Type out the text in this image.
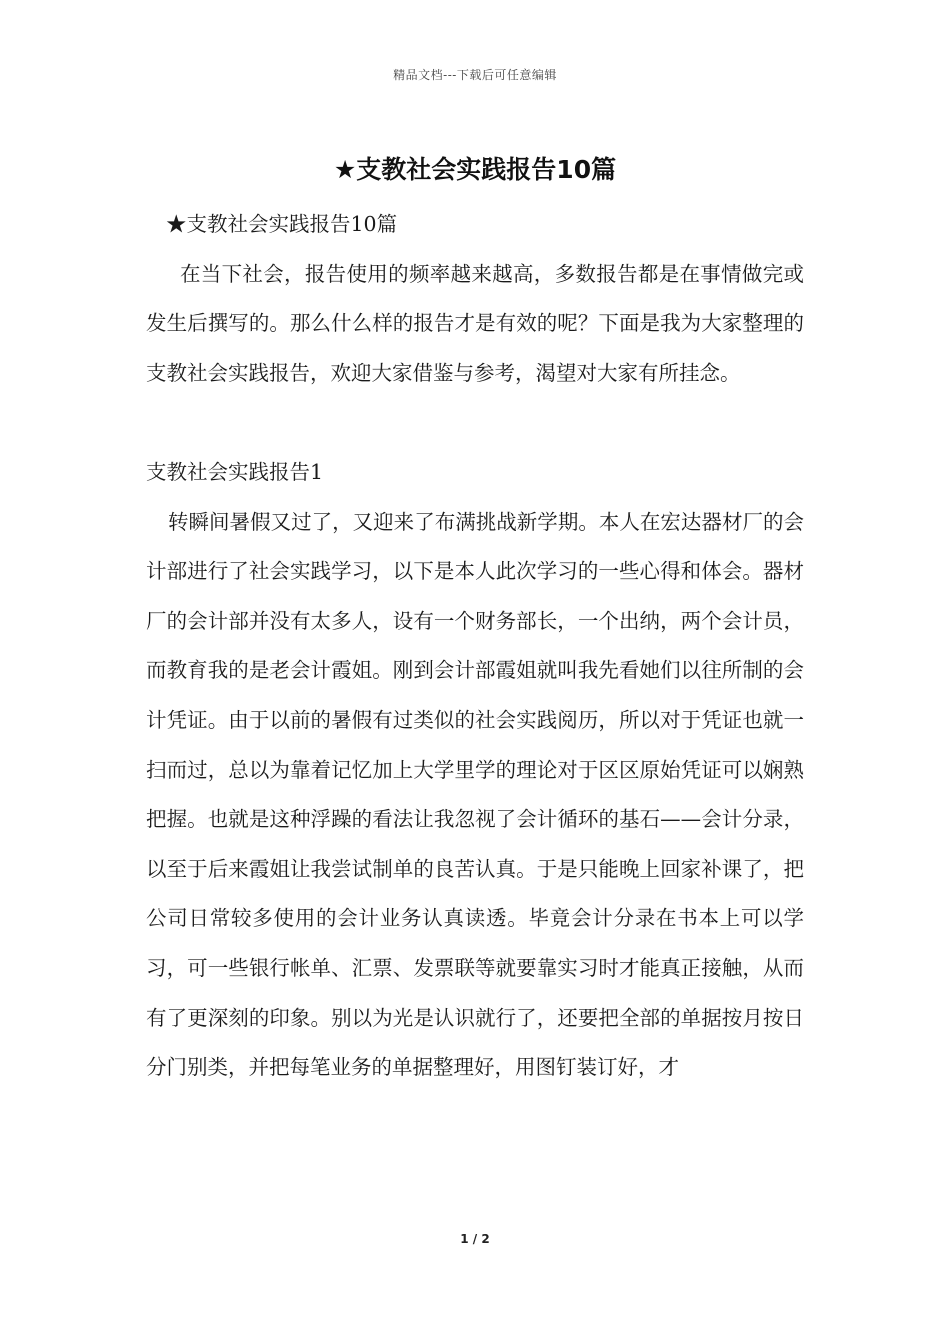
精品文档---下载后可任意编辑
★支教社会实践报告10篇

★支教社会实践报告10篇

在当下社会，报告使用的频率越来越高，多数报告都是在事情做完或发生后撰写的。那么什么样的报告才是有效的呢？下面是我为大家整理的支教社会实践报告，欢迎大家借鉴与参考，渴望对大家有所挂念。

支教社会实践报告1

转瞬间暑假又过了，又迎来了布满挑战新学期。本人在宏达器材厂的会计部进行了社会实践学习，以下是本人此次学习的一些心得和体会。器材厂的会计部并没有太多人，设有一个财务部长，一个出纳，两个会计员，而教育我的是老会计霞姐。刚到会计部霞姐就叫我先看她们以往所制的会计凭证。由于以前的暑假有过类似的社会实践阅历，所以对于凭证也就一扫而过，总以为靠着记忆加上大学里学的理论对于区区原始凭证可以娴熟把握。也就是这种浮躁的看法让我忽视了会计循环的基石——会计分录，以至于后来霞姐让我尝试制单的良苦认真。于是只能晚上回家补课了，把公司日常较多使用的会计业务认真读透。毕竟会计分录在书本上可以学习，可一些银行帐单、汇票、发票联等就要靠实习时才能真正接触，从而有了更深刻的印象。别以为光是认识就行了，还要把全部的单据按月按日分门别类，并把每笔业务的单据整理好，用图钉装订好，才

1 / 2
